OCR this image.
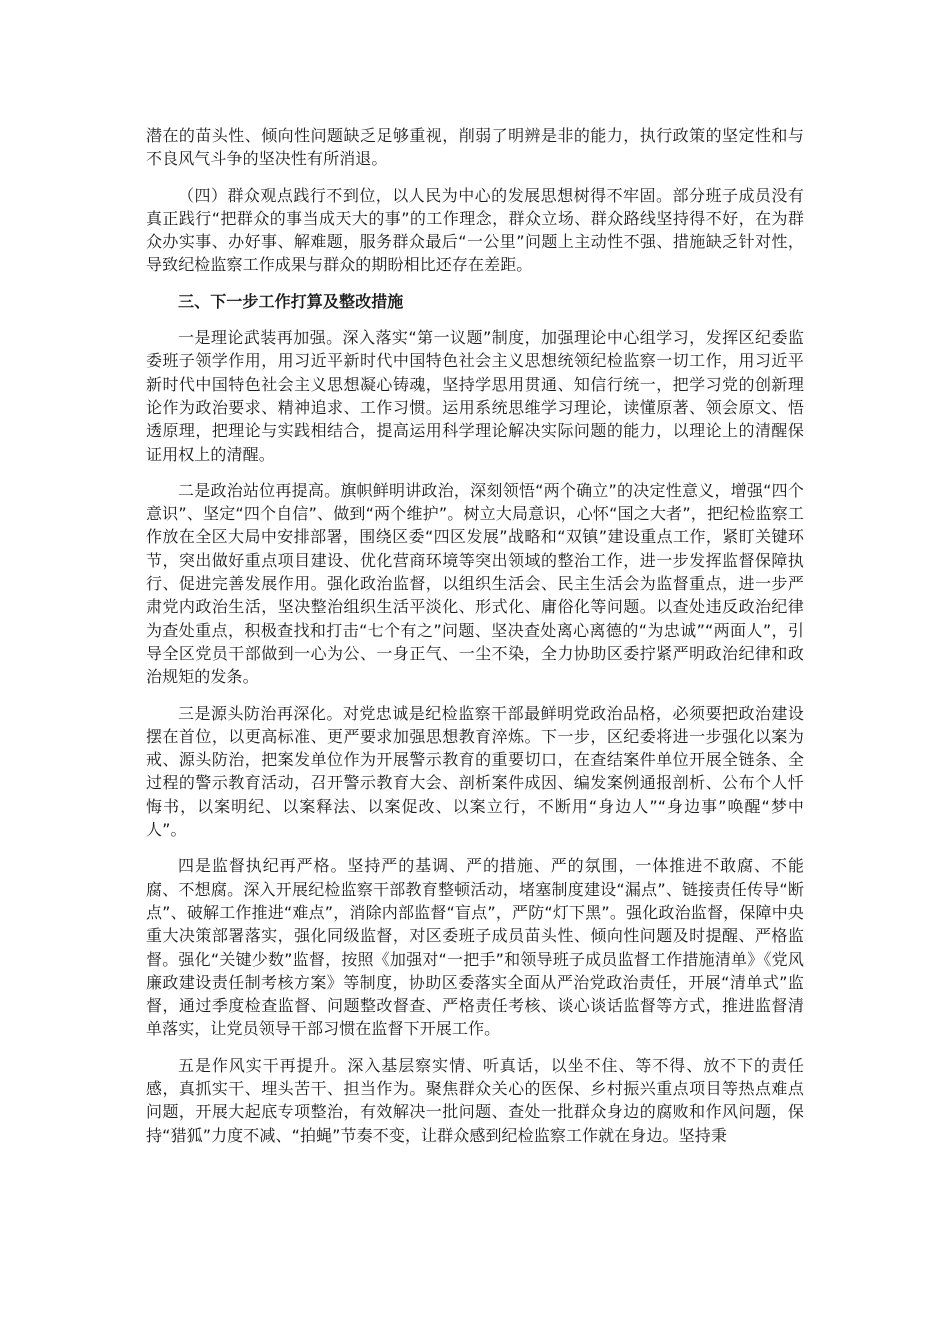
潜在的苗头性、倾向性问题缺乏足够重视，削弱了明辨是非的能力，执行政策的坚定性和与不良风气斗争的坚决性有所消退。

（四）群众观点践行不到位，以人民为中心的发展思想树得不牢固。部分班子成员没有真正践行“把群众的事当成天大的事”的工作理念，群众立场、群众路线坚持得不好，在为群众办实事、办好事、解难题，服务群众最后“一公里”问题上主动性不强、措施缺乏针对性，导致纪检监察工作成果与群众的期盼相比还存在差距。

三、下一步工作打算及整改措施

一是理论武装再加强。深入落实“第一议题”制度，加强理论中心组学习，发挥区纪委监委班子领学作用，用习近平新时代中国特色社会主义思想统领纪检监察一切工作，用习近平新时代中国特色社会主义思想凝心铸魂，坚持学思用贯通、知信行统一，把学习党的创新理论作为政治要求、精神追求、工作习惯。运用系统思维学习理论，读懂原著、领会原文、悟透原理，把理论与实践相结合，提高运用科学理论解决实际问题的能力，以理论上的清醒保证用权上的清醒。

二是政治站位再提高。旗帜鲜明讲政治，深刻领悟“两个确立”的决定性意义，增强“四个意识”、坚定“四个自信”、做到“两个维护”。树立大局意识，心怀“国之大者”，把纪检监察工作放在全区大局中安排部署，围绕区委“四区发展”战略和“双镇”建设重点工作，紧盯关键环节，突出做好重点项目建设、优化营商环境等突出领域的整治工作，进一步发挥监督保障执行、促进完善发展作用。强化政治监督，以组织生活会、民主生活会为监督重点，进一步严肃党内政治生活，坚决整治组织生活平淡化、形式化、庸俗化等问题。以查处违反政治纪律为查处重点，积极查找和打击“七个有之”问题、坚决查处离心离德的“为忠诚”“两面人”，引导全区党员干部做到一心为公、一身正气、一尘不染，全力协助区委拧紧严明政治纪律和政治规矩的发条。

三是源头防治再深化。对党忠诚是纪检监察干部最鲜明党政治品格，必须要把政治建设摆在首位，以更高标准、更严要求加强思想教育淬炼。下一步，区纪委将进一步强化以案为戒、源头防治，把案发单位作为开展警示教育的重要切口，在查结案件单位开展全链条、全过程的警示教育活动，召开警示教育大会、剖析案件成因、编发案例通报剖析、公布个人忏悔书，以案明纪、以案释法、以案促改、以案立行，不断用“身边人”“身边事”唤醒“梦中人”。

四是监督执纪再严格。坚持严的基调、严的措施、严的氛围，一体推进不敢腐、不能腐、不想腐。深入开展纪检监察干部教育整顿活动，堵塞制度建设“漏点”、链接责任传导“断点”、破解工作推进“难点”，消除内部监督“盲点”，严防“灯下黑”。强化政治监督，保障中央重大决策部署落实，强化同级监督，对区委班子成员苗头性、倾向性问题及时提醒、严格监督。强化“关键少数”监督，按照《加强对“一把手”和领导班子成员监督工作措施清单》《党风廉政建设责任制考核方案》等制度，协助区委落实全面从严治党政治责任，开展“清单式”监督，通过季度检查监督、问题整改督查、严格责任考核、谈心谈话监督等方式，推进监督清单落实，让党员领导干部习惯在监督下开展工作。

五是作风实干再提升。深入基层察实情、听真话，以坐不住、等不得、放不下的责任感，真抓实干、埋头苦干、担当作为。聚焦群众关心的医保、乡村振兴重点项目等热点难点问题，开展大起底专项整治，有效解决一批问题、查处一批群众身边的腐败和作风问题，保持“猎狐”力度不减、“拍蝇”节奏不变，让群众感到纪检监察工作就在身边。坚持秉
